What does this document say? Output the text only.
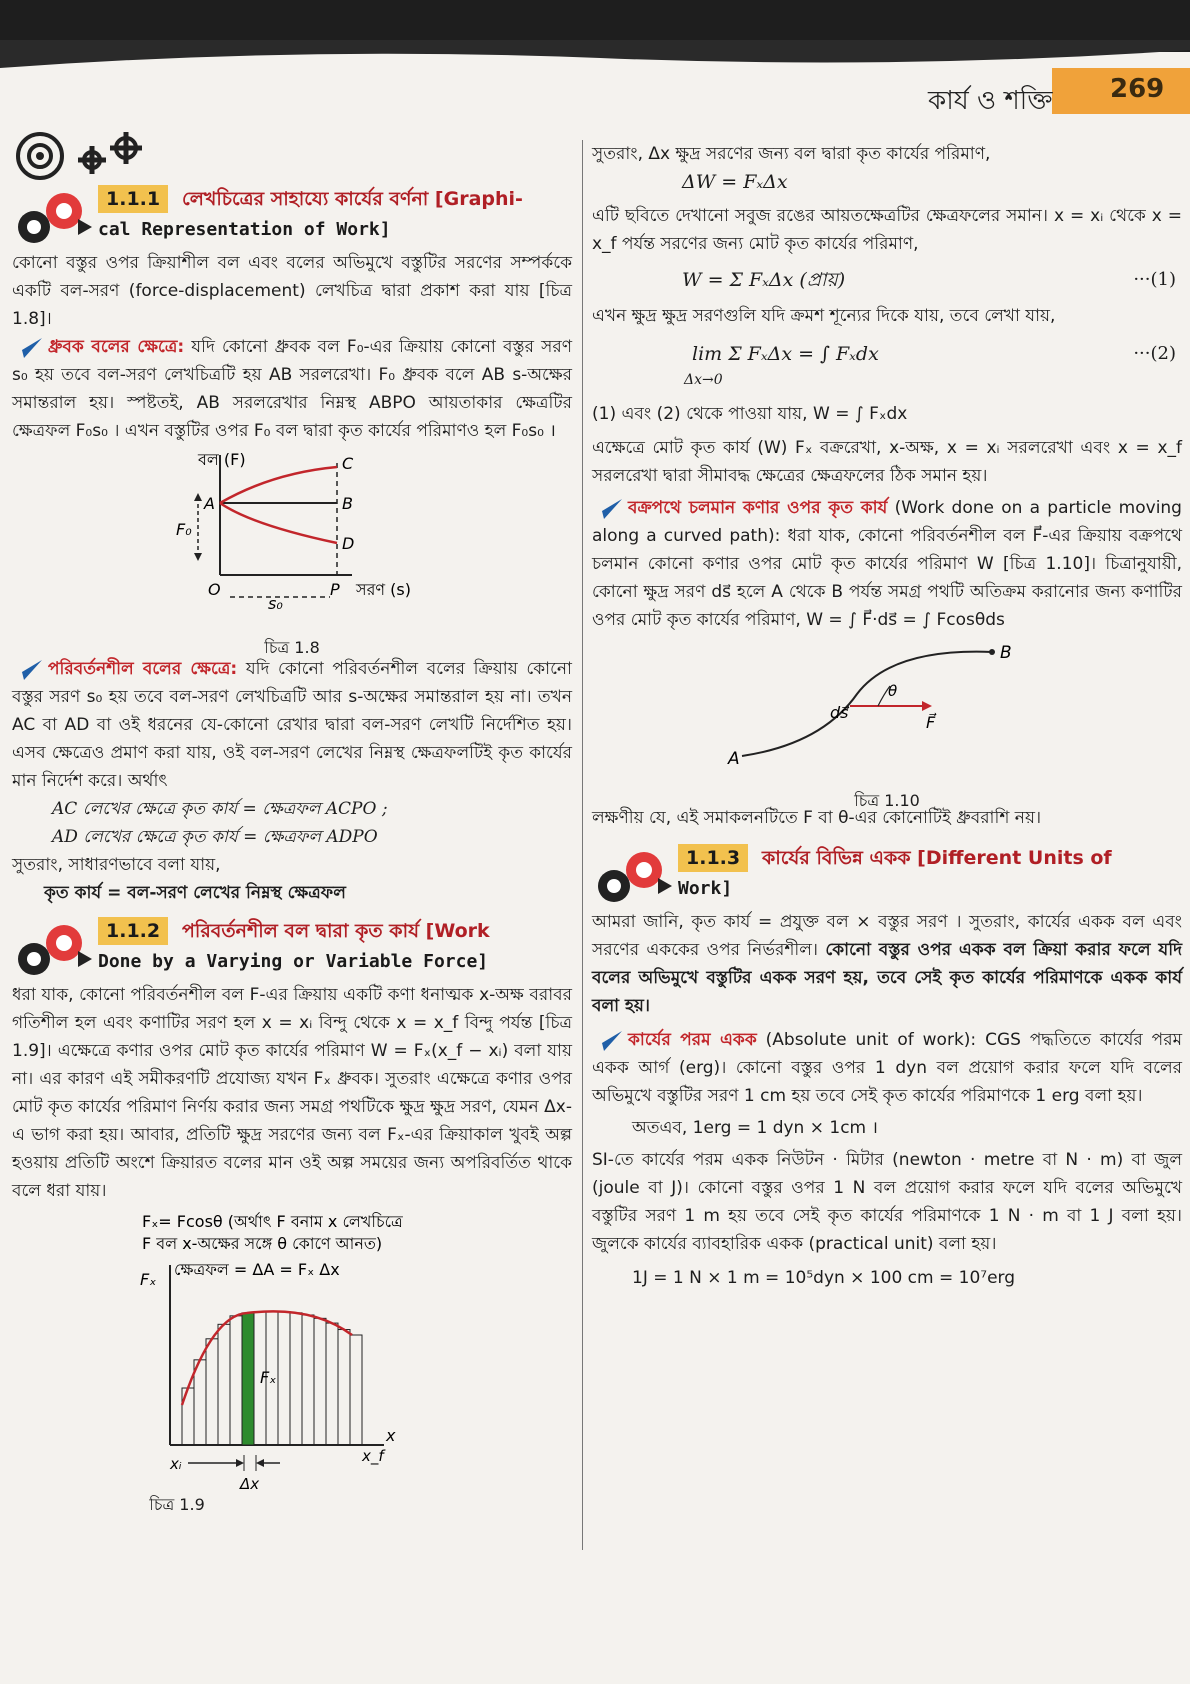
কার্য ও শক্তি 269
1.1.1	লেখচিত্রের সাহায্যে কার্যের বর্ণনা [Graphi-
cal Representation of Work]

কোনো বস্তুর ওপর ক্রিয়াশীল বল এবং বলের অভিমুখে বস্তুটির সরণের সম্পর্ককে একটি বল-সরণ (force-displacement) লেখচিত্র দ্বারা প্রকাশ করা যায় [চিত্র 1.8]।

ধ্রুবক বলের ক্ষেত্রে: যদি কোনো ধ্রুবক বল F₀-এর ক্রিয়ায় কোনো বস্তুর সরণ s₀ হয় তবে বল-সরণ লেখচিত্রটি হয় AB সরলরেখা। F₀ ধ্রুবক বলে AB s-অক্ষের সমান্তরাল হয়। স্পষ্টতই, AB সরলরেখার নিম্নস্থ ABPO আয়তাকার ক্ষেত্রটির ক্ষেত্রফল F₀s₀ । এখন বস্তুটির ওপর F₀ বল দ্বারা কৃত কার্যের পরিমাণও হল F₀s₀ ।

বল (F)
A
C
B
D
O	P সরণ (s)
F₀
s₀
চিত্র 1.8

পরিবর্তনশীল বলের ক্ষেত্রে: যদি কোনো পরিবর্তনশীল বলের ক্রিয়ায় কোনো বস্তুর সরণ s₀ হয় তবে বল-সরণ লেখচিত্রটি আর s-অক্ষের সমান্তরাল হয় না। তখন AC বা AD বা ওই ধরনের যে-কোনো রেখার দ্বারা বল-সরণ লেখটি নির্দেশিত হয়। এসব ক্ষেত্রেও প্রমাণ করা যায়, ওই বল-সরণ লেখের নিম্নস্থ ক্ষেত্রফলটিই কৃত কার্যের মান নির্দেশ করে। অর্থাৎ

AC লেখের ক্ষেত্রে কৃত কার্য = ক্ষেত্রফল ACPO ;

AD লেখের ক্ষেত্রে কৃত কার্য = ক্ষেত্রফল ADPO

সুতরাং, সাধারণভাবে বলা যায়,

কৃত কার্য = বল-সরণ লেখের নিম্নস্থ ক্ষেত্রফল

1.1.2	পরিবর্তনশীল বল দ্বারা কৃত কার্য [Work
Done by a Varying or Variable Force]

ধরা যাক, কোনো পরিবর্তনশীল বল F-এর ক্রিয়ায় একটি কণা ধনাত্মক x-অক্ষ বরাবর গতিশীল হল এবং কণাটির সরণ হল x = xᵢ বিন্দু থেকে x = x_f বিন্দু পর্যন্ত [চিত্র 1.9]। এক্ষেত্রে কণার ওপর মোট কৃত কার্যের পরিমাণ W = Fₓ(x_f − xᵢ) বলা যায় না। এর কারণ এই সমীকরণটি প্রযোজ্য যখন Fₓ ধ্রুবক। সুতরাং এক্ষেত্রে কণার ওপর মোট কৃত কার্যের পরিমাণ নির্ণয় করার জন্য সমগ্র পথটিকে ক্ষুদ্র ক্ষুদ্র সরণ, যেমন Δx-এ ভাগ করা হয়। আবার, প্রতিটি ক্ষুদ্র সরণের জন্য বল Fₓ-এর ক্রিয়াকাল খুবই অল্প হওয়ায় প্রতিটি অংশে ক্রিয়ারত বলের মান ওই অল্প সময়ের জন্য অপরিবর্তিত থাকে বলে ধরা যায়।

Fₓ= Fcosθ (অর্থাৎ F বনাম x লেখচিত্রে
F বল x-অক্ষের সঙ্গে θ কোণে আনত)
ক্ষেত্রফল = ΔA = Fₓ Δx
Fₓ
Fₓ
x
xᵢ	x_f
Δx
চিত্র 1.9

সুতরাং, Δx ক্ষুদ্র সরণের জন্য বল দ্বারা কৃত কার্যের পরিমাণ,

ΔW = FₓΔx

এটি ছবিতে দেখানো সবুজ রঙের আয়তক্ষেত্রটির ক্ষেত্রফলের সমান। x = xᵢ থেকে x = x_f পর্যন্ত সরণের জন্য মোট কৃত কার্যের পরিমাণ,

W = Σ FₓΔx (প্রায়)	···(1)

এখন ক্ষুদ্র ক্ষুদ্র সরণগুলি যদি ক্রমশ শূন্যের দিকে যায়, তবে লেখা যায়,

lim Σ FₓΔx = ∫ Fₓdx
Δx→0
···(2)

(1) এবং (2) থেকে পাওয়া যায়, W = ∫ Fₓdx

এক্ষেত্রে মোট কৃত কার্য (W) Fₓ বক্ররেখা, x-অক্ষ, x = xᵢ সরলরেখা এবং x = x_f সরলরেখা দ্বারা সীমাবদ্ধ ক্ষেত্রের ক্ষেত্রফলের ঠিক সমান হয়।

বক্রপথে চলমান কণার ওপর কৃত কার্য (Work done on a particle moving along a curved path): ধরা যাক, কোনো পরিবর্তনশীল বল F⃗-এর ক্রিয়ায় বক্রপথে চলমান কোনো কণার ওপর মোট কৃত কার্যের পরিমাণ W [চিত্র 1.10]। চিত্রানুযায়ী, কোনো ক্ষুদ্র সরণ ds⃗ হলে A থেকে B পর্যন্ত সমগ্র পথটি অতিক্রম করানোর জন্য কণাটির ওপর মোট কৃত কার্যের পরিমাণ, W = ∫ F⃗·ds⃗ = ∫ Fcosθds

A
B
ds⃗
θ
F⃗
চিত্র 1.10

লক্ষণীয় যে, এই সমাকলনটিতে F বা θ-এর কোনোটিই ধ্রুবরাশি নয়।

1.1.3	কার্যের বিভিন্ন একক [Different Units of
Work]

আমরা জানি, কৃত কার্য = প্রযুক্ত বল × বস্তুর সরণ । সুতরাং, কার্যের একক বল এবং সরণের এককের ওপর নির্ভরশীল। কোনো বস্তুর ওপর একক বল ক্রিয়া করার ফলে যদি বলের অভিমুখে বস্তুটির একক সরণ হয়, তবে সেই কৃত কার্যের পরিমাণকে একক কার্য বলা হয়।

কার্যের পরম একক (Absolute unit of work): CGS পদ্ধতিতে কার্যের পরম একক আর্গ (erg)। কোনো বস্তুর ওপর 1 dyn বল প্রয়োগ করার ফলে যদি বলের অভিমুখে বস্তুটির সরণ 1 cm হয় তবে সেই কৃত কার্যের পরিমাণকে 1 erg বলা হয়।

অতএব, 1erg = 1 dyn × 1cm ।

SI-তে কার্যের পরম একক নিউটন · মিটার (newton · metre বা N · m) বা জুল (joule বা J)। কোনো বস্তুর ওপর 1 N বল প্রয়োগ করার ফলে যদি বলের অভিমুখে বস্তুটির সরণ 1 m হয় তবে সেই কৃত কার্যের পরিমাণকে 1 N · m বা 1 J বলা হয়। জুলকে কার্যের ব্যাবহারিক একক (practical unit) বলা হয়।

1J = 1 N × 1 m = 10⁵dyn × 100 cm = 10⁷erg
